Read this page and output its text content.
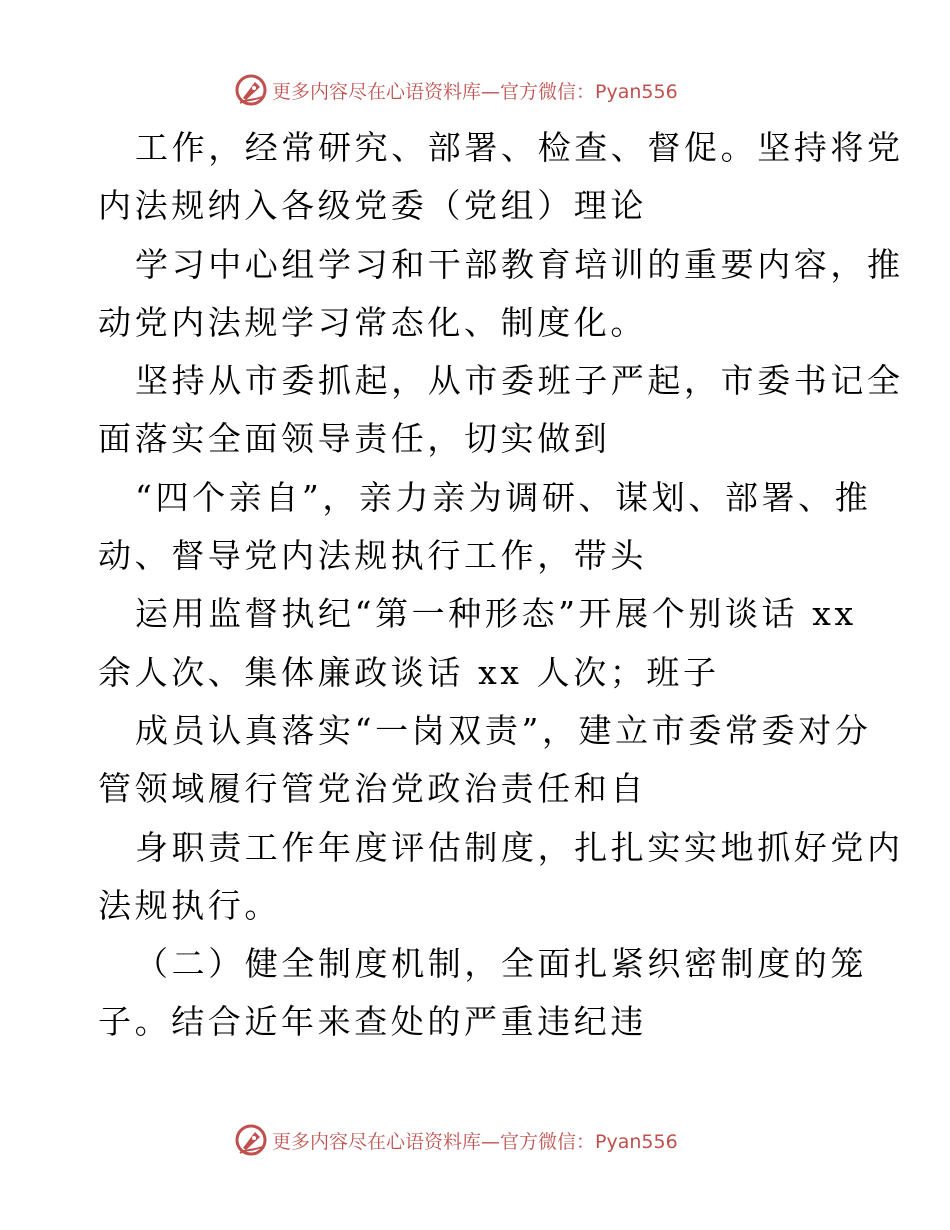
更多内容尽在心语资料库—官方微信：Pyan556
工作，经常研究、部署、检查、督促。坚持将党
内法规纳入各级党委（党组）理论
学习中心组学习和干部教育培训的重要内容，推
动党内法规学习常态化、制度化。
坚持从市委抓起，从市委班子严起，市委书记全
面落实全面领导责任，切实做到
“四个亲自”，亲力亲为调研、谋划、部署、推
动、督导党内法规执行工作，带头
运用监督执纪“第一种形态”开展个别谈话 xx
余人次、集体廉政谈话 xx 人次；班子
成员认真落实“一岗双责”，建立市委常委对分
管领域履行管党治党政治责任和自
身职责工作年度评估制度，扎扎实实地抓好党内
法规执行。
（二）健全制度机制，全面扎紧织密制度的笼
子。结合近年来查处的严重违纪违
更多内容尽在心语资料库—官方微信：Pyan556
